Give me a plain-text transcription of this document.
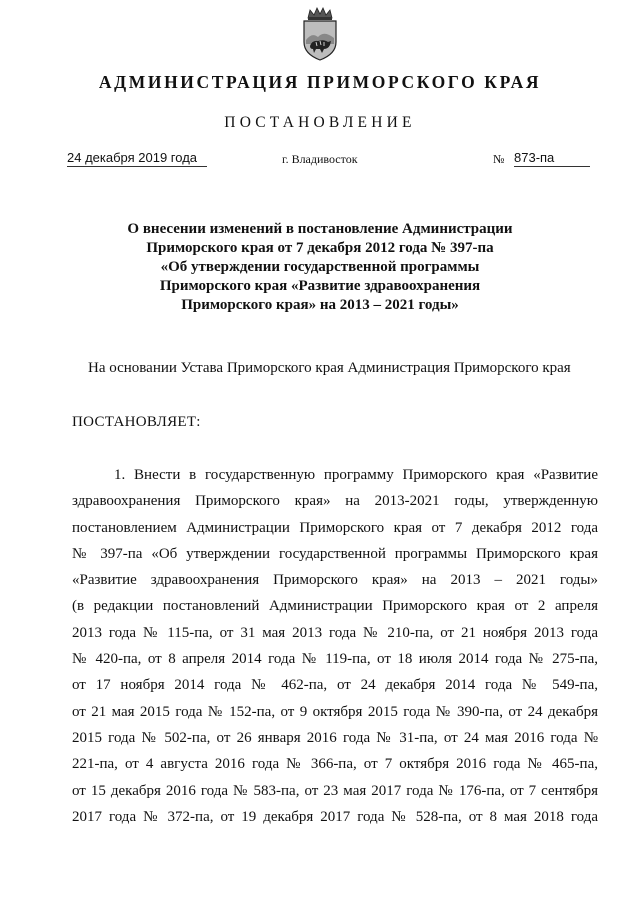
АДМИНИСТРАЦИЯ ПРИМОРСКОГО КРАЯ
ПОСТАНОВЛЕНИЕ
24 декабря 2019 года	г. Владивосток	№ 873-па
О внесении изменений в постановление Администрации
Приморского края от 7 декабря 2012 года № 397-па
«Об утверждении государственной программы
Приморского края «Развитие здравоохранения
Приморского края» на 2013 – 2021 годы»
На основании Устава Приморского края Администрация Приморского края
ПОСТАНОВЛЯЕТ:
1. Внести в государственную программу Приморского края «Развитие
здравоохранения Приморского края» на 2013-2021 годы, утвержденную
постановлением Администрации Приморского края от 7 декабря 2012 года
№ 397-па «Об утверждении государственной программы Приморского края
«Развитие здравоохранения Приморского края» на 2013 – 2021 годы»
(в редакции постановлений Администрации Приморского края от 2 апреля
2013 года № 115-па, от 31 мая 2013 года № 210-па, от 21 ноября 2013 года
№ 420-па, от 8 апреля 2014 года № 119-па, от 18 июля 2014 года № 275-па,
от 17 ноября 2014 года № 462-па, от 24 декабря 2014 года № 549-па,
от 21 мая 2015 года № 152-па, от 9 октября 2015 года № 390-па, от 24 декабря
2015 года № 502-па, от 26 января 2016 года № 31-па, от 24 мая 2016 года №
221-па, от 4 августа 2016 года № 366-па, от 7 октября 2016 года № 465-па,
от 15 декабря 2016 года № 583-па, от 23 мая 2017 года № 176-па, от 7 сентября
2017 года № 372-па, от 19 декабря 2017 года № 528-па, от 8 мая 2018 года
